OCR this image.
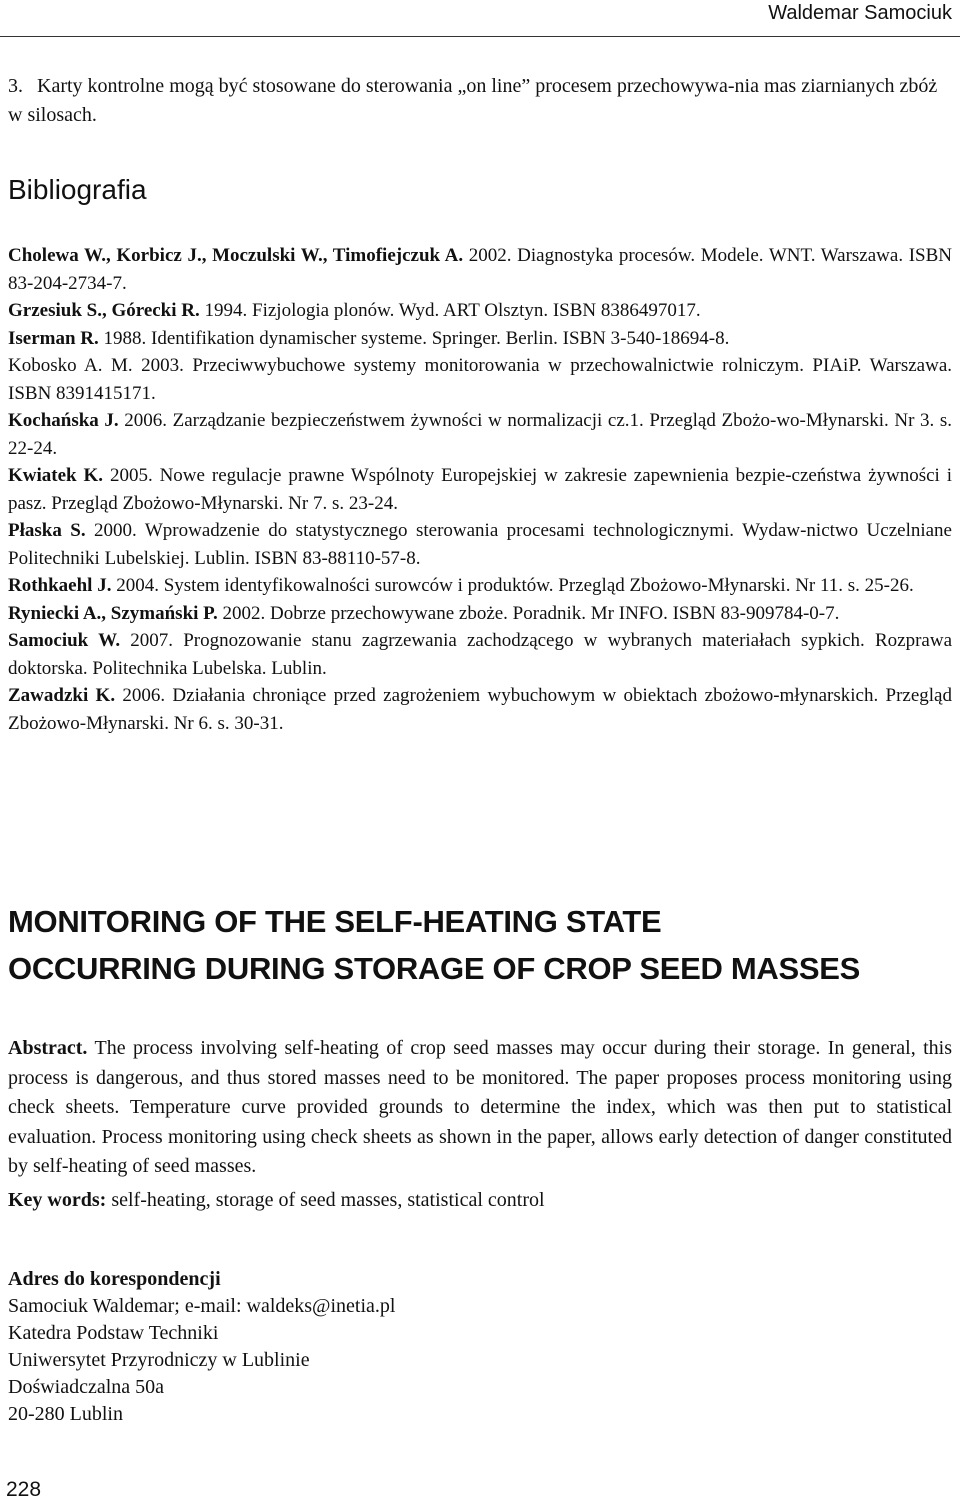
Waldemar Samociuk
3. Karty kontrolne mogą być stosowane do sterowania „on line” procesem przechowywa-nia mas ziarnianych zbóż w silosach.
Bibliografia
Cholewa W., Korbicz J., Moczulski W., Timofiejczuk A. 2002. Diagnostyka procesów. Modele. WNT. Warszawa. ISBN 83-204-2734-7.
Grzesiuk S., Górecki R. 1994. Fizjologia plonów. Wyd. ART Olsztyn. ISBN 8386497017.
Iserman R. 1988. Identifikation dynamischer systeme. Springer. Berlin. ISBN 3-540-18694-8.
Kobosko A. M. 2003. Przeciwwybuchowe systemy monitorowania w przechowalnictwie rolniczym. PIAiP. Warszawa. ISBN 8391415171.
Kochańska J. 2006. Zarządzanie bezpieczeństwem żywności w normalizacji cz.1. Przegląd Zbożo-wo-Młynarski. Nr 3. s. 22-24.
Kwiatek K. 2005. Nowe regulacje prawne Wspólnoty Europejskiej w zakresie zapewnienia bezpie-czeństwa żywności i pasz. Przegląd Zbożowo-Młynarski. Nr 7. s. 23-24.
Płaska S. 2000. Wprowadzenie do statystycznego sterowania procesami technologicznymi. Wydaw-nictwo Uczelniane Politechniki Lubelskiej. Lublin. ISBN 83-88110-57-8.
Rothkaehl J. 2004. System identyfikowalności surowców i produktów. Przegląd Zbożowo-Młynarski. Nr 11. s. 25-26.
Ryniecki A., Szymański P. 2002. Dobrze przechowywane zboże. Poradnik. Mr INFO. ISBN 83-909784-0-7.
Samociuk W. 2007. Prognozowanie stanu zagrzewania zachodzącego w wybranych materiałach sypkich. Rozprawa doktorska. Politechnika Lubelska. Lublin.
Zawadzki K. 2006. Działania chroniące przed zagrożeniem wybuchowym w obiektach zbożowo-młynarskich. Przegląd Zbożowo-Młynarski. Nr 6. s. 30-31.
MONITORING OF THE SELF-HEATING STATE
OCCURRING DURING STORAGE OF CROP SEED MASSES

Abstract. The process involving self-heating of crop seed masses may occur during their storage. In general, this process is dangerous, and thus stored masses need to be monitored. The paper proposes process monitoring using check sheets. Temperature curve provided grounds to determine the index, which was then put to statistical evaluation. Process monitoring using check sheets as shown in the paper, allows early detection of danger constituted by self-heating of seed masses.

Key words: self-heating, storage of seed masses, statistical control

Adres do korespondencji
Samociuk Waldemar; e-mail: waldeks@inetia.pl
Katedra Podstaw Techniki
Uniwersytet Przyrodniczy w Lublinie
Doświadczalna 50a
20-280 Lublin
228
